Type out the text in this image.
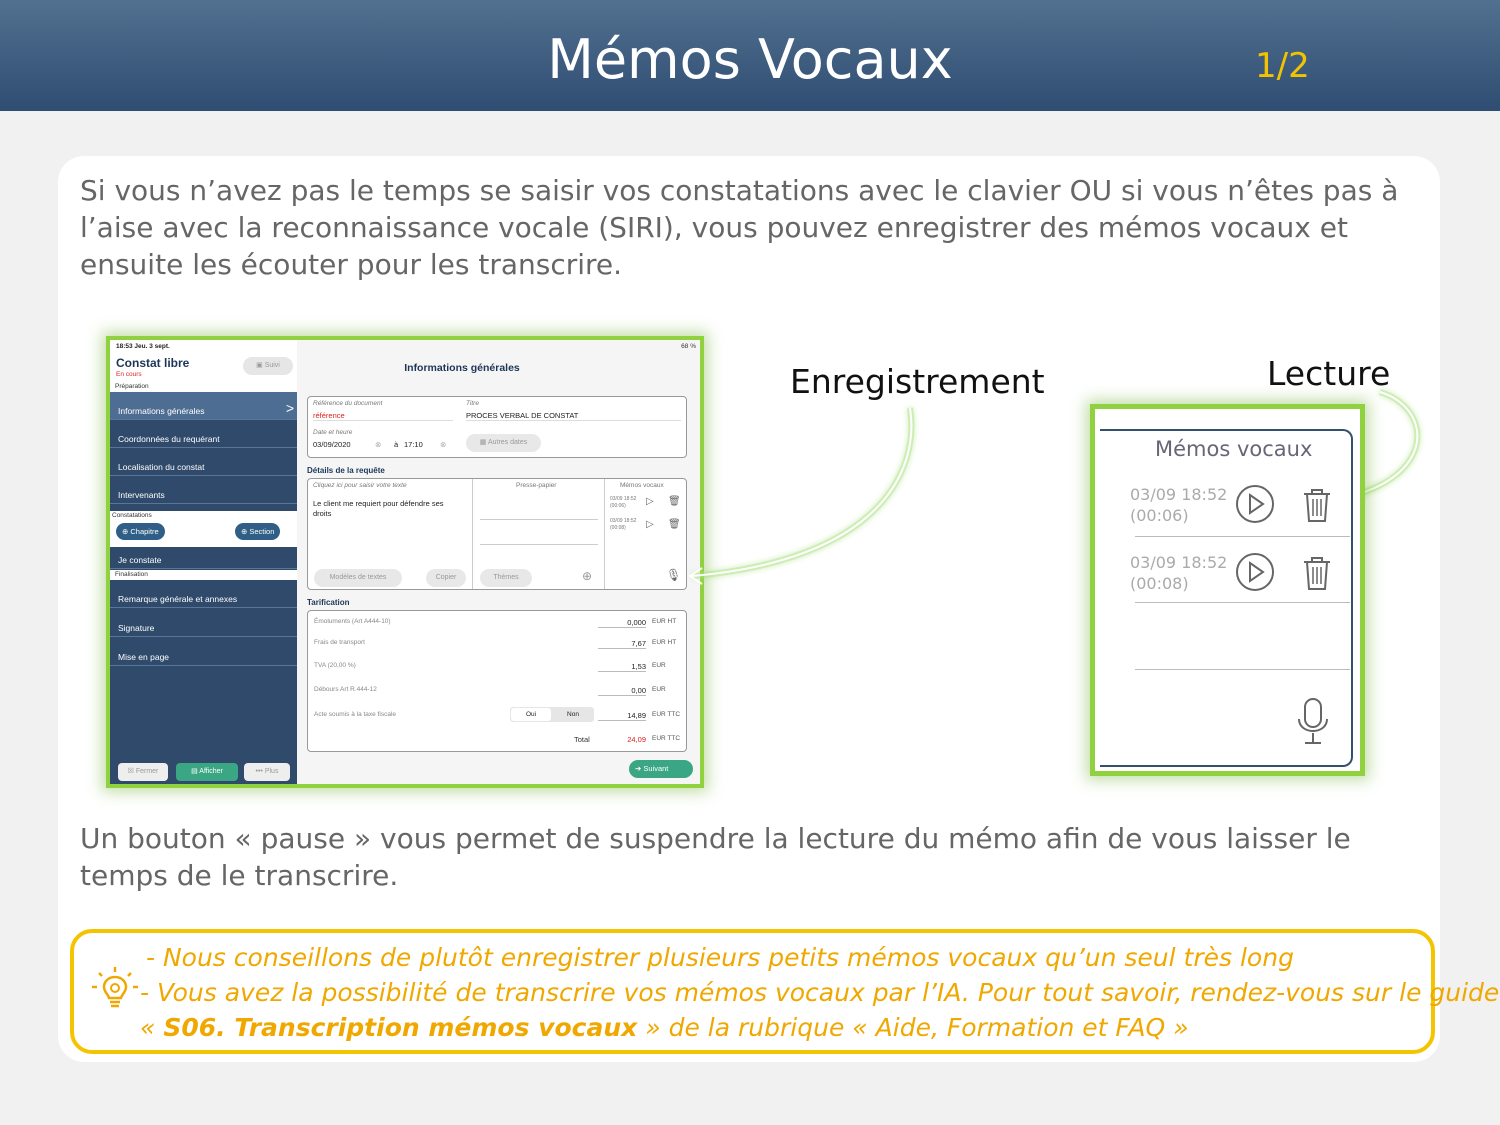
Mémos Vocaux	1/2
Si vous n’avez pas le temps se saisir vos constatations avec le clavier OU si vous n’êtes pas à l’aise avec la reconnaissance vocale (SIRI), vous pouvez enregistrer des mémos vocaux et ensuite les écouter pour les transcrire.
18:53 Jeu. 3 sept.
Constat libre
En cours
▣ Suivi
Préparation
Informations générales	>
Coordonnées du requérant
Localisation du constat
Intervenants
Constatations
⊕ Chapitre	⊕ Section
Je constate
Finalisation
Remarque générale et annexes
Signature
Mise en page
☒ Fermer	▤ Afficher	••• Plus
68 %
Informations générales
Référence du document
référence
Titre
PROCES VERBAL DE CONSTAT
Date et heure
03/09/2020	⊗ à 17:10 ⊗	▦ Autres dates
Détails de la requête
Cliquez ici pour saisir votre texte
Le client me requiert pour défendre ses droits
Presse-papier	Mémos vocaux
03/09 18:52
(00:06) ▷ 🗑
03/09 18:52
(00:08) ▷ 🗑
Modèles de textes	Copier	Thèmes	⊕	🎙
Tarification
Émoluments (Art A444-10)	0,000 EUR HT
Frais de transport	7,67 EUR HT
TVA (20,00 %)	1,53 EUR
Débours Art R.444-12	0,00 EUR
Acte soumis à la taxe fiscale	Oui	Non	14,89 EUR TTC
Total	24,09 EUR TTC
➔ Suivant
Enregistrement	Lecture
Mémos vocaux
03/09 18:52
(00:06)
03/09 18:52
(00:08)
Un bouton « pause » vous permet de suspendre la lecture du mémo afin de vous laisser le temps de le transcrire.
- Nous conseillons de plutôt enregistrer plusieurs petits mémos vocaux qu’un seul très long
- Vous avez la possibilité de transcrire vos mémos vocaux par l’IA. Pour tout savoir, rendez-vous sur le guide
« S06. Transcription mémos vocaux » de la rubrique « Aide, Formation et FAQ »
